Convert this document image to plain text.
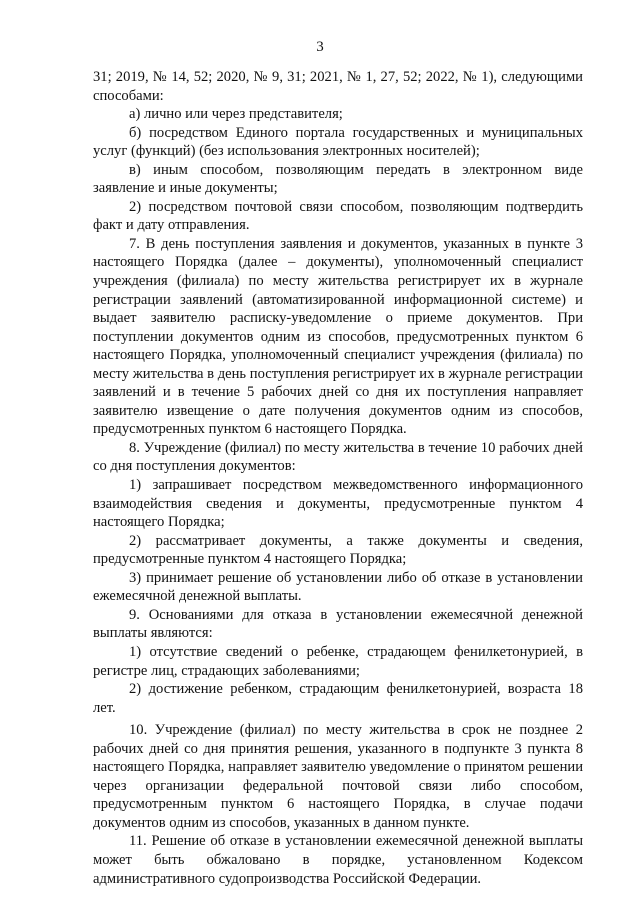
3

31; 2019, № 14, 52; 2020, № 9, 31; 2021, № 1, 27, 52; 2022, № 1), следующими способами:

а) лично или через представителя;

б) посредством Единого портала государственных и муниципальных услуг (функций) (без использования электронных носителей);

в) иным способом, позволяющим передать в электронном виде заявление и иные документы;

2) посредством почтовой связи способом, позволяющим подтвердить факт и дату отправления.

7. В день поступления заявления и документов, указанных в пункте 3 настоящего Порядка (далее – документы), уполномоченный специалист учреждения (филиала) по месту жительства регистрирует их в журнале регистрации заявлений (автоматизированной информационной системе) и выдает заявителю расписку-уведомление о приеме документов. При поступлении документов одним из способов, предусмотренных пунктом 6 настоящего Порядка, уполномоченный специалист учреждения (филиала) по месту жительства в день поступления регистрирует их в журнале регистрации заявлений и в течение 5 рабочих дней со дня их поступления направляет заявителю извещение о дате получения документов одним из способов, предусмотренных пунктом 6 настоящего Порядка.

8. Учреждение (филиал) по месту жительства в течение 10 рабочих дней со дня поступления документов:

1) запрашивает посредством межведомственного информационного взаимодействия сведения и документы, предусмотренные пунктом 4 настоящего Порядка;

2) рассматривает документы, а также документы и сведения, предусмотренные пунктом 4 настоящего Порядка;

3) принимает решение об установлении либо об отказе в установлении ежемесячной денежной выплаты.

9. Основаниями для отказа в установлении ежемесячной денежной выплаты являются:

1) отсутствие сведений о ребенке, страдающем фенилкетонурией, в регистре лиц, страдающих заболеваниями;

2) достижение ребенком, страдающим фенилкетонурией, возраста 18 лет.

10. Учреждение (филиал) по месту жительства в срок не позднее 2 рабочих дней со дня принятия решения, указанного в подпункте 3 пункта 8 настоящего Порядка, направляет заявителю уведомление о принятом решении через организации федеральной почтовой связи либо способом, предусмотренным пунктом 6 настоящего Порядка, в случае подачи документов одним из способов, указанных в данном пункте.

11. Решение об отказе в установлении ежемесячной денежной выплаты может быть обжаловано в порядке, установленном Кодексом административного судопроизводства Российской Федерации.
